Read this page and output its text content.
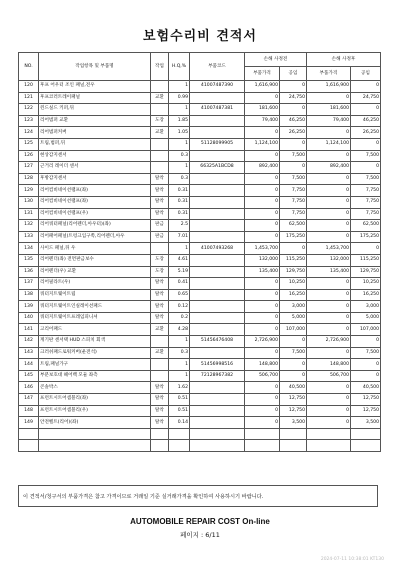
보험수리비 견적서
NO.	작업항목 및 부품명	작업	H.Q,%	부품코드	손해 사정전		손해 사정후	
					부품가격	공임	부품가격	공임
120	후프 어우터 조인 패널,전우		1	41007487390	1,616,900	0	1,616,900	0
121	후프코러트레이패널	교환	0.99		0	24,750	0	24,750
122	윈드실드 키퍼,뒤		1	41007487381	181,600	0	181,600	0
123	리어범퍼 교환	도장	1.85		79,400	46,250	79,400	46,250
124	리어범퍼커버	교환	1.05		0	26,250	0	26,250
125	트림,범퍼,뒤		1	51128099905	1,124,100	0	1,124,100	0
126	현상감지센서		0.3		0	7,500	0	7,500
127	근거리 레이더 센서		1	66325A1BCD8	892,400	0	892,400	0
128	후방감지센서	탈착	0.3		0	7,500	0	7,500
129	리어컴비네이션램프(좌)	탈착	0.31		0	7,750	0	7,750
130	리어컴비네이션램프(좌)	탈착	0.31		0	7,750	0	7,750
131	리어컴비네이션램프(우)	탈착	0.31		0	7,750	0	7,750
132	리어쿼터패널(리어펜더,아우터)(좌)	판금	2.5		0	62,500	0	62,500
133	리어패어패널(트렁크입구쪽,리어펜더,아우	판금	7.01		0	175,250	0	175,250
134	사이드 패널,뒤 우		1	41007493268	1,453,700	0	1,453,700	0
135	리어펜더(좌) 전면판금보수	도장	4.61		132,000	115,250	132,000	115,250
136	리어펜더(우) 교환	도장	5.19		135,400	129,750	135,400	129,750
137	리어필라트(우)	탈착	0.41		0	10,250	0	10,250
138	쿼터지트웨이트립	탈착	0.65		0	16,250	0	16,250
139	쿼터지트웨이트인실레이션패드	탈착	0.12		0	3,000	0	3,000
140	쿼터지트웨이트프레임피니셔	탈착	0.2		0	5,000	0	5,000
141	고리어패드	교환	4.28		0	107,000	0	107,000
142	계기판 센서택 HUD 스피치 회색		1	51456476408	2,726,900	0	2,726,900	0
143	크러쉬패드로워커버(운전석)	교환	0.3		0	7,500	0	7,500
144	트림,패널가구		1	51456998516	148,800	0	148,800	0
145	부분보호대 헤어백 모듈 좌측		1	72128967382	506,700	0	506,700	0
146	콘솔박스	탈착	1.62		0	40,500	0	40,500
147	프런트시트어셈블리(좌)	탈착	0.51		0	12,750	0	12,750
148	프런트시트어셈블리(우)	탈착	0.51		0	12,750	0	12,750
149	안전벨트(리어)(좌)	탈착	0.14		0	3,500	0	3,500

이 견적서/청구서의 부품가격은 참고 가격이므로 거래일 기준 실거래가격을 확인하여 사용하시기 바랍니다.
AUTOMOBILE REPAIR COST On-line
페이지 : 6/11
2024-07-11 10:38:01 KT130
